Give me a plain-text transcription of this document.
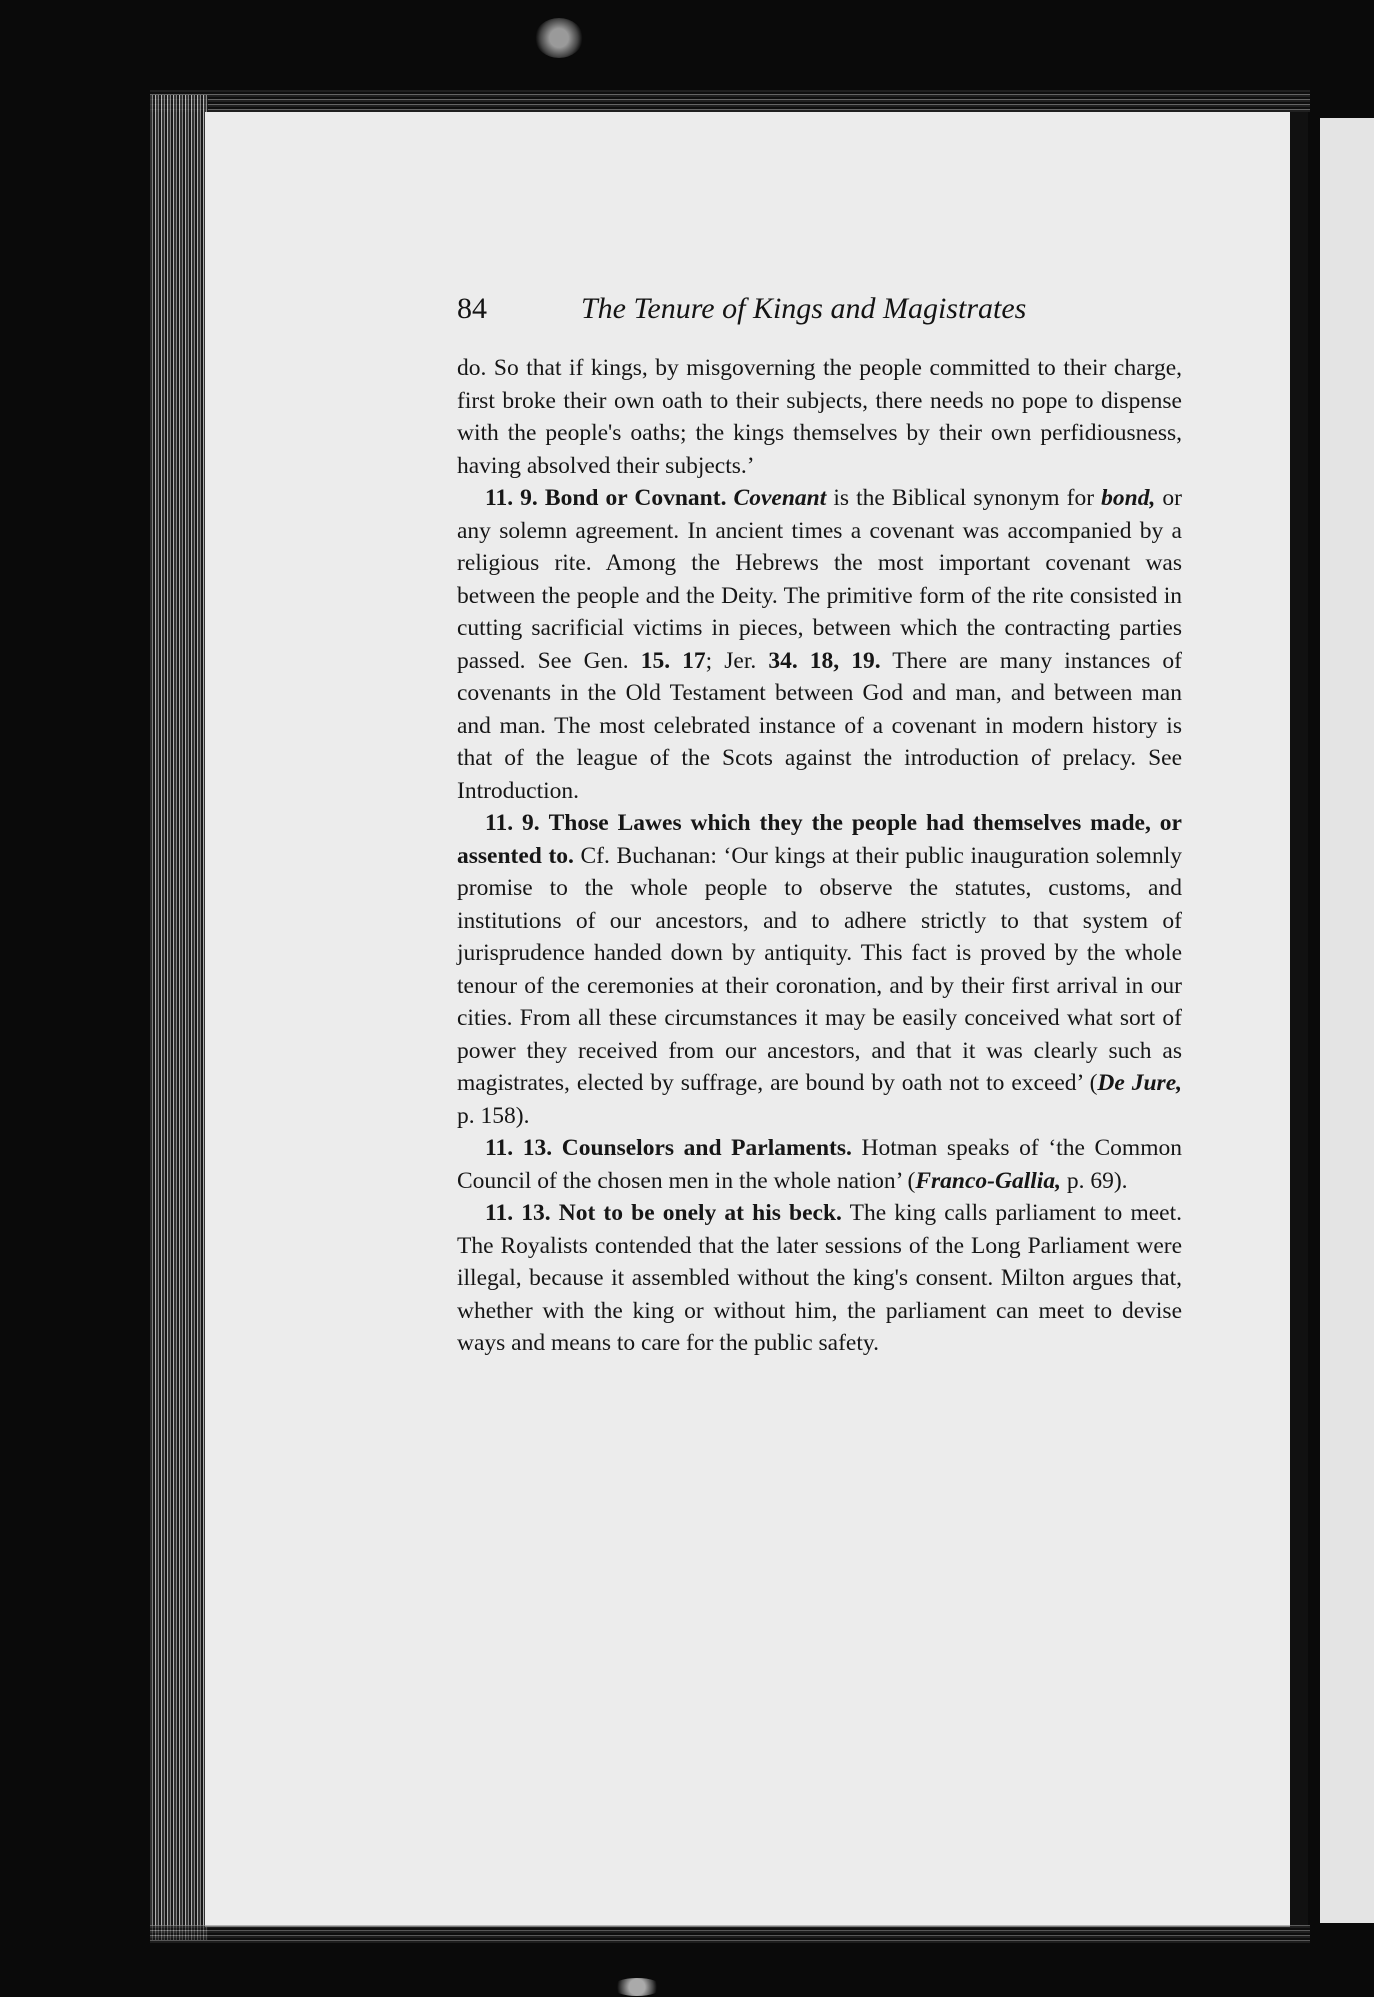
84	The Tenure of Kings and Magistrates

do. So that if kings, by misgoverning the people committed to their charge, first broke their own oath to their subjects, there needs no pope to dispense with the people's oaths; the kings themselves by their own perfidiousness, having absolved their subjects.’

11. 9. Bond or Covnant. Covenant is the Biblical synonym for bond, or any solemn agreement. In ancient times a covenant was accompanied by a religious rite. Among the Hebrews the most important covenant was between the people and the Deity. The primitive form of the rite consisted in cutting sacrificial victims in pieces, between which the contracting parties passed. See Gen. 15. 17; Jer. 34. 18, 19. There are many instances of covenants in the Old Testament between God and man, and between man and man. The most celebrated instance of a covenant in modern history is that of the league of the Scots against the introduction of prelacy. See Introduction.

11. 9. Those Lawes which they the people had themselves made, or assented to. Cf. Buchanan: ‘Our kings at their public inauguration solemnly promise to the whole people to observe the statutes, customs, and institutions of our ancestors, and to adhere strictly to that system of jurisprudence handed down by antiquity. This fact is proved by the whole tenour of the ceremonies at their coronation, and by their first arrival in our cities. From all these circumstances it may be easily conceived what sort of power they received from our ancestors, and that it was clearly such as magistrates, elected by suffrage, are bound by oath not to exceed’ (De Jure, p. 158).

11. 13. Counselors and Parlaments. Hotman speaks of ‘the Common Council of the chosen men in the whole nation’ (Franco-Gallia, p. 69).

11. 13. Not to be onely at his beck. The king calls parliament to meet. The Royalists contended that the later sessions of the Long Parliament were illegal, because it assembled without the king's consent. Milton argues that, whether with the king or without him, the parliament can meet to devise ways and means to care for the public safety.
